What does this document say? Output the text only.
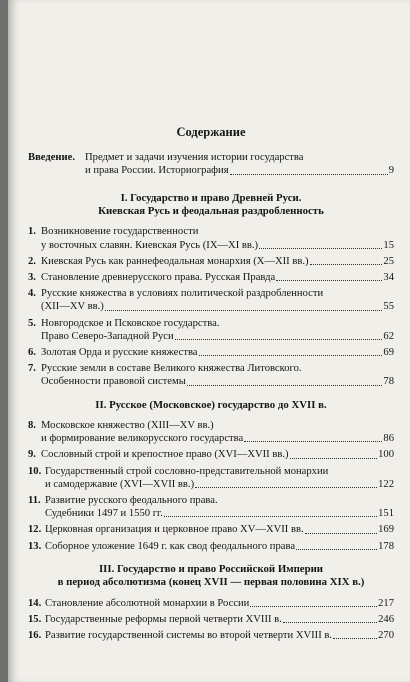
Содержание
Введение. Предмет и задачи изучения истории государства
и права России. Историография	9
I. Государство и право Древней Руси.
Киевская Русь и феодальная раздробленность
1. Возникновение государственности
у восточных славян. Киевская Русь (IX—XI вв.)	15
2. Киевская Русь как раннефеодальная монархия (X—XII вв.)	25
3. Становление древнерусского права. Русская Правда	34
4. Русские княжества в условиях политической раздробленности
(XII—XV вв.)	55
5. Новгородское и Псковское государства.
Право Северо-Западной Руси	62
6. Золотая Орда и русские княжества	69
7. Русские земли в составе Великого княжества Литовского.
Особенности правовой системы	78
II. Русское (Московское) государство до XVII в.
8. Московское княжество (XIII—XV вв.)
и формирование великорусского государства	86
9. Сословный строй и крепостное право (XVI—XVII вв.)	100
10. Государственный строй сословно-представительной монархии
и самодержавие (XVI—XVII вв.)	122
11. Развитие русского феодального права.
Судебники 1497 и 1550 гг.	151
12. Церковная организация и церковное право XV—XVII вв.	169
13. Соборное уложение 1649 г. как свод феодального права	178
III. Государство и право Российской Империи
в период абсолютизма (конец XVII — первая половина XIX в.)
14. Становление абсолютной монархии в России	217
15. Государственные реформы первой четверти XVIII в.	246
16. Развитие государственной системы во второй четверти XVIII в.	270
